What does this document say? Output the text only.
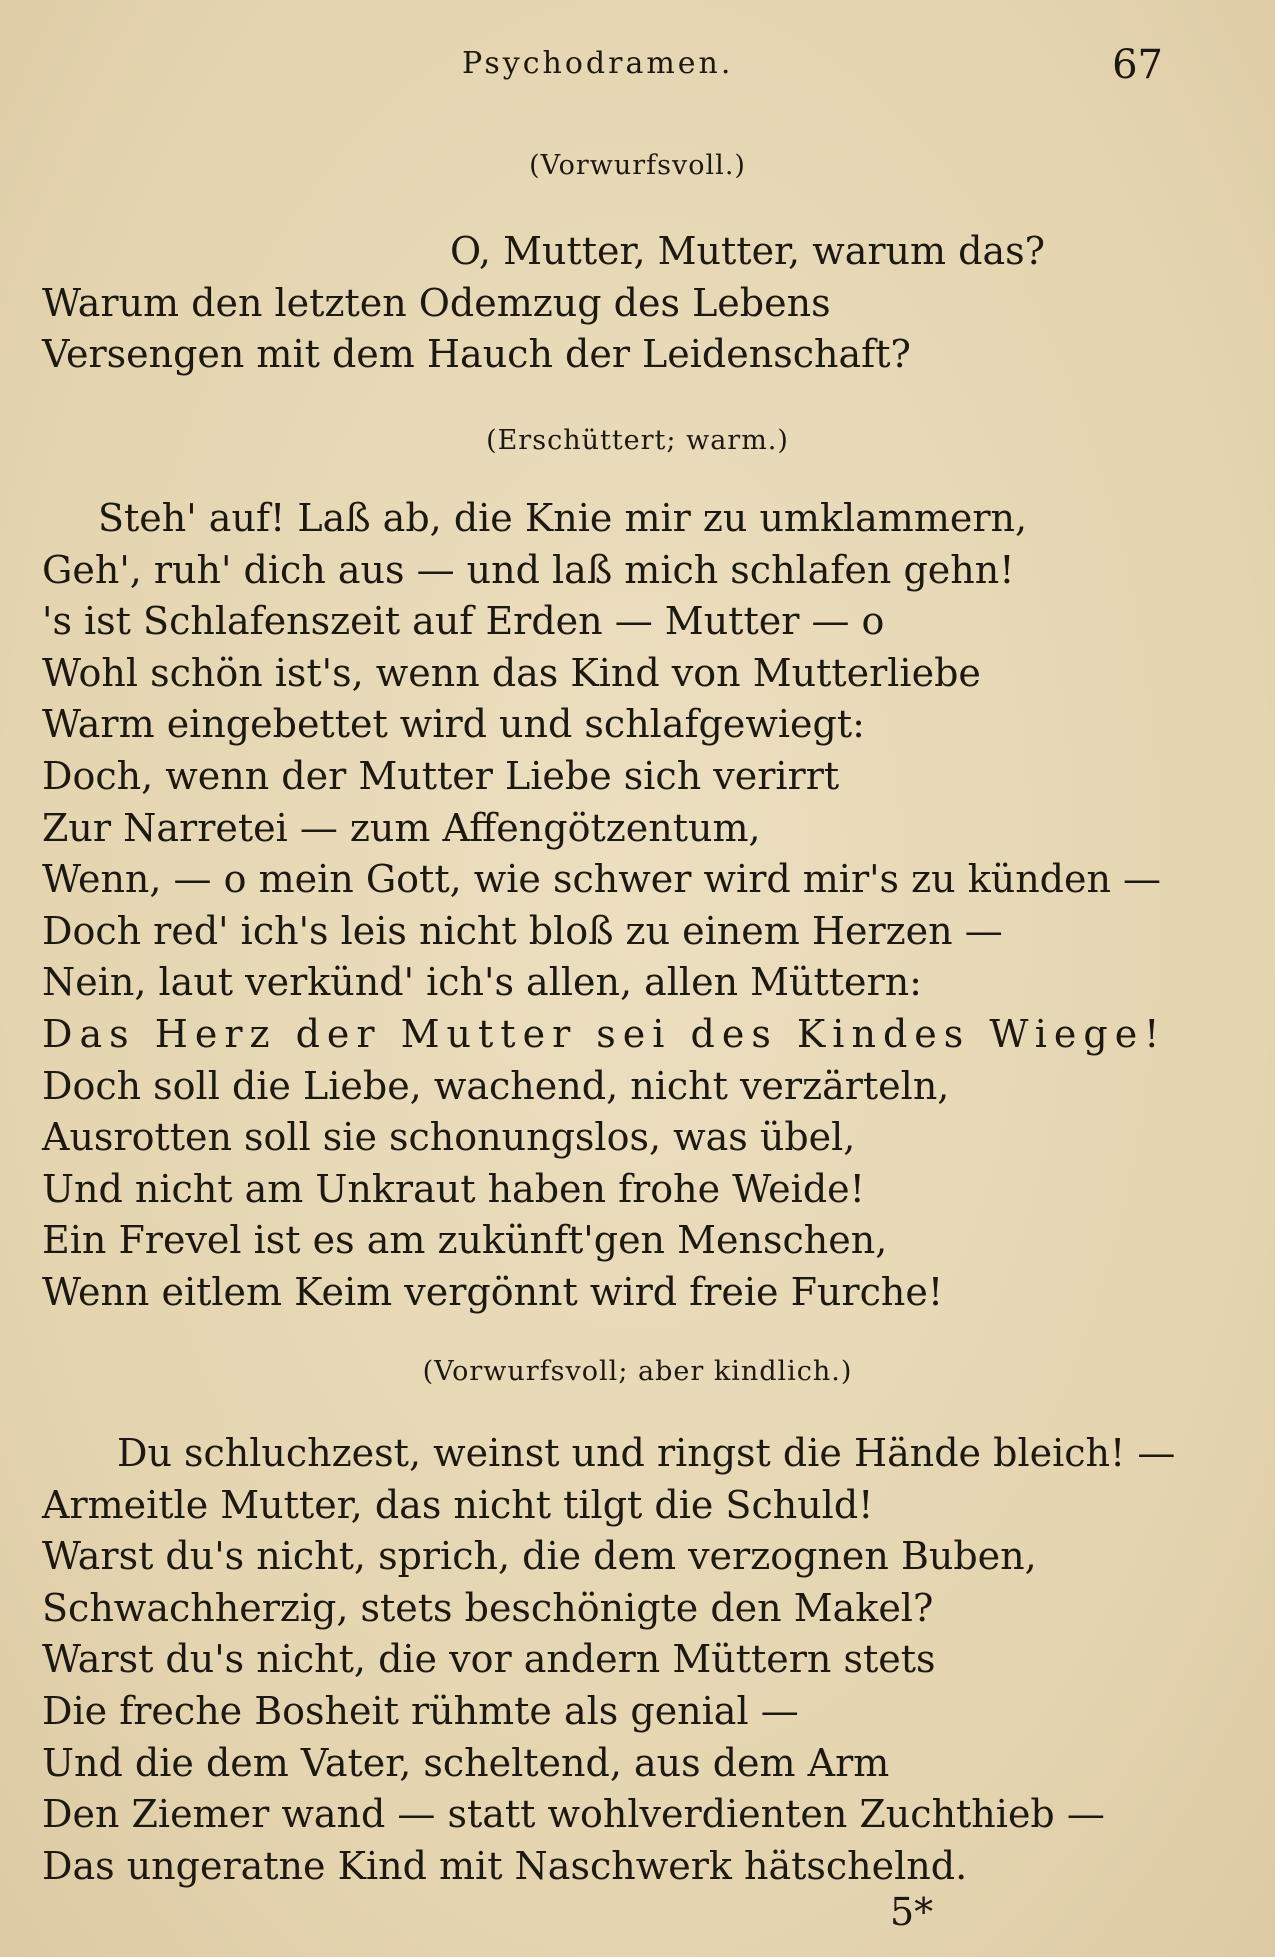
Psychodramen.	67
(Vorwurfsvoll.)
O, Mutter, Mutter, warum das?
Warum den letzten Odemzug des Lebens
Versengen mit dem Hauch der Leidenschaft?
(Erschüttert; warm.)
Steh' auf! Laß ab, die Knie mir zu umklammern,
Geh', ruh' dich aus — und laß mich schlafen gehn!
's ist Schlafenszeit auf Erden — Mutter — o
Wohl schön ist's, wenn das Kind von Mutterliebe
Warm eingebettet wird und schlafgewiegt:
Doch, wenn der Mutter Liebe sich verirrt
Zur Narretei — zum Affengötzentum,
Wenn, — o mein Gott, wie schwer wird mir's zu künden —
Doch red' ich's leis nicht bloß zu einem Herzen —
Nein, laut verkünd' ich's allen, allen Müttern:
Das Herz der Mutter sei des Kindes Wiege!
Doch soll die Liebe, wachend, nicht verzärteln,
Ausrotten soll sie schonungslos, was übel,
Und nicht am Unkraut haben frohe Weide!
Ein Frevel ist es am zukünft'gen Menschen,
Wenn eitlem Keim vergönnt wird freie Furche!
(Vorwurfsvoll; aber kindlich.)
Du schluchzest, weinst und ringst die Hände bleich! —
Armeitle Mutter, das nicht tilgt die Schuld!
Warst du's nicht, sprich, die dem verzognen Buben,
Schwachherzig, stets beschönigte den Makel?
Warst du's nicht, die vor andern Müttern stets
Die freche Bosheit rühmte als genial —
Und die dem Vater, scheltend, aus dem Arm
Den Ziemer wand — statt wohlverdienten Zuchthieb —
Das ungeratne Kind mit Naschwerk hätschelnd.
5*
